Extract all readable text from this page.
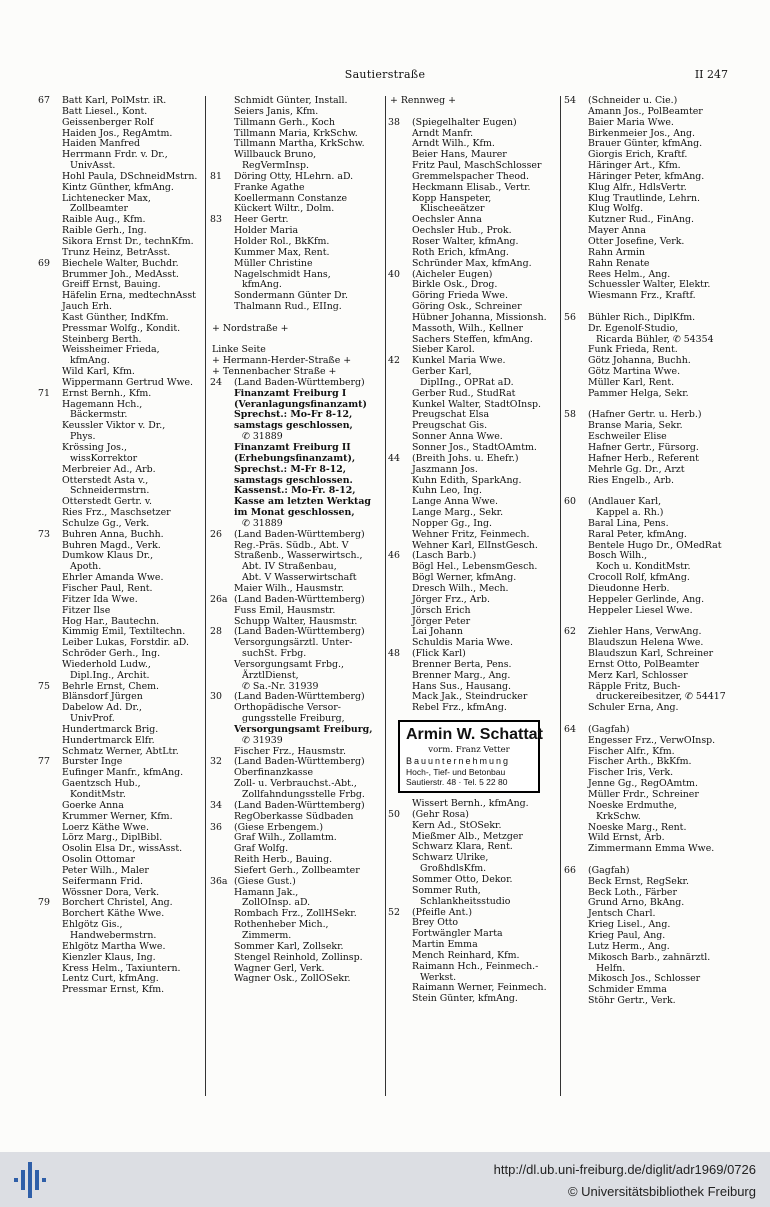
Sautierstraße	II 247
67	Batt Karl, PolMstr. iR.
Batt Liesel., Kont.
Geissenberger Rolf
Haiden Jos., RegAmtm.
Haiden Manfred
Herrmann Frdr. v. Dr.,
UnivAsst.
Hohl Paula, DSchneidMstrn.
Kintz Günther, kfmAng.
Lichtenecker Max,
Zollbeamter
Raible Aug., Kfm.
Raible Gerh., Ing.
Sikora Ernst Dr., technKfm.
Trunz Heinz, BetrAsst.
69	Biechele Walter, Buchdr.
Brummer Joh., MedAsst.
Greiff Ernst, Bauing.
Häfelin Erna, medtechnAsst
Jauch Erh.
Kast Günther, IndKfm.
Pressmar Wolfg., Kondit.
Steinberg Berth.
Weissheimer Frieda,
kfmAng.
Wild Karl, Kfm.
Wippermann Gertrud Wwe.
71	Ernst Bernh., Kfm.
Hagemann Hch.,
Bäckermstr.
Keussler Viktor v. Dr.,
Phys.
Krössing Jos.,
wissKorrektor
Merbreier Ad., Arb.
Otterstedt Asta v.,
Schneidermstrn.
Otterstedt Gertr. v.
Ries Frz., Maschsetzer
Schulze Gg., Verk.
73	Buhren Anna, Buchh.
Buhren Magd., Verk.
Dumkow Klaus Dr.,
Apoth.
Ehrler Amanda Wwe.
Fischer Paul, Rent.
Fitzer Ida Wwe.
Fitzer Ilse
Hog Har., Bautechn.
Kimmig Emil, Textiltechn.
Leiber Lukas, Forstdir. aD.
Schröder Gerh., Ing.
Wiederhold Ludw.,
Dipl.Ing., Archit.
75	Behrle Ernst, Chem.
Blänsdorf Jürgen
Dabelow Ad. Dr.,
UnivProf.
Hundertmarck Brig.
Hundertmarck Elfr.
Schmatz Werner, AbtLtr.
77	Burster Inge
Eufinger Manfr., kfmAng.
Gaentzsch Hub.,
KonditMstr.
Goerke Anna
Krummer Werner, Kfm.
Loerz Käthe Wwe.
Lörz Marg., DiplBibl.
Osolin Elsa Dr., wissAsst.
Osolin Ottomar
Peter Wilh., Maler
Seifermann Frid.
Wössner Dora, Verk.
79	Borchert Christel, Ang.
Borchert Käthe Wwe.
Ehlgötz Gis.,
Handwebermstrn.
Ehlgötz Martha Wwe.
Kienzler Klaus, Ing.
Kress Helm., Taxiuntern.
Lentz Curt, kfmAng.
Pressmar Ernst, Kfm.
Schmidt Günter, Install.
Seiers Janis, Kfm.
Tillmann Gerh., Koch
Tillmann Maria, KrkSchw.
Tillmann Martha, KrkSchw.
Willbauck Bruno,
RegVermInsp.
81	Döring Otty, HLehrn. aD.
Franke Agathe
Koellermann Constanze
Kückert Wiltr., Dolm.
83	Heer Gertr.
Holder Maria
Holder Rol., BkKfm.
Kummer Max, Rent.
Müller Christine
Nagelschmidt Hans,
kfmAng.
Sondermann Günter Dr.
Thalmann Rud., EIIng.
+ Nordstraße +
Linke Seite
+ Hermann-Herder-Straße +
+ Tennenbacher Straße +
24	(Land Baden-Württemberg)
Finanzamt Freiburg I
(Veranlagungsfinanzamt)
Sprechst.: Mo-Fr 8-12,
samstags geschlossen,
✆ 31889
Finanzamt Freiburg II
(Erhebungsfinanzamt),
Sprechst.: M-Fr 8-12,
samstags geschlossen.
Kassenst.: Mo-Fr. 8-12,
Kasse am letzten Werktag
im Monat geschlossen,
✆ 31889
26	(Land Baden-Württemberg)
Reg.-Präs. Südb., Abt. V
Straßenb., Wasserwirtsch.,
Abt. IV Straßenbau,
Abt. V Wasserwirtschaft
Maier Wilh., Hausmstr.
26a (Land Baden-Württemberg)
Fuss Emil, Hausmstr.
Schupp Walter, Hausmstr.
28	(Land Baden-Württemberg)
Versorgungsärztl. Unter-
suchSt. Frbg.
Versorgungsamt Frbg.,
ÄrztlDienst,
✆ Sa.-Nr. 31939
30	(Land Baden-Württemberg)
Orthopädische Versor-
gungsstelle Freiburg,
Versorgungsamt Freiburg,
✆ 31939
Fischer Frz., Hausmstr.
32	(Land Baden-Württemberg)
Oberfinanzkasse
Zoll- u. Verbrauchst.-Abt.,
Zollfahndungsstelle Frbg.
34	(Land Baden-Württemberg)
RegOberkasse Südbaden
36	(Giese Erbengem.)
Graf Wilh., Zollamtm.
Graf Wolfg.
Reith Herb., Bauing.
Siefert Gerh., Zollbeamter
36a (Giese Gust.)
Hamann Jak.,
ZollOInsp. aD.
Rombach Frz., ZollHSekr.
Rothenheber Mich.,
Zimmerm.
Sommer Karl, Zollsekr.
Stengel Reinhold, Zollinsp.
Wagner Gerl, Verk.
Wagner Osk., ZollOSekr.
+ Rennweg +
38	(Spiegelhalter Eugen)
Arndt Manfr.
Arndt Wilh., Kfm.
Beier Hans, Maurer
Fritz Paul, MaschSchlosser
Gremmelspacher Theod.
Heckmann Elisab., Vertr.
Kopp Hanspeter,
Klischeeätzer
Oechsler Anna
Oechsler Hub., Prok.
Roser Walter, kfmAng.
Roth Erich, kfmAng.
Schründer Max, kfmAng.
40	(Aicheler Eugen)
Birkle Osk., Drog.
Göring Frieda Wwe.
Göring Osk., Schreiner
Hübner Johanna, Missionsh.
Massoth, Wilh., Kellner
Sachers Steffen, kfmAng.
Sieber Karol.
42	Kunkel Maria Wwe.
Gerber Karl,
DiplIng., OPRat aD.
Gerber Rud., StudRat
Kunkel Walter, StadtOInsp.
Preugschat Elsa
Preugschat Gis.
Sonner Anna Wwe.
Sonner Jos., StadtOAmtm.
44	(Breith Johs. u. Ehefr.)
Jaszmann Jos.
Kuhn Edith, SparkAng.
Kuhn Leo, Ing.
Lange Anna Wwe.
Lange Marg., Sekr.
Nopper Gg., Ing.
Wehner Fritz, Feinmech.
Wehner Karl, ElInstGesch.
46	(Lasch Barb.)
Bögl Hel., LebensmGesch.
Bögl Werner, kfmAng.
Dresch Wilh., Mech.
Jörger Frz., Arb.
Jörsch Erich
Jörger Peter
Lai Johann
Schuldis Maria Wwe.
48	(Flick Karl)
Brenner Berta, Pens.
Brenner Marg., Ang.
Hans Sus., Hausang.
Mack Jak., Steindrucker
Rebel Frz., kfmAng.
Armin W. Schattat
vorm. Franz Vetter
Bauunternehmung
Hoch-, Tief- und Betonbau
Sautierstr. 48 · Tel. 5 22 80
Wissert Bernh., kfmAng.
50	(Gehr Rosa)
Kern Ad., StOSekr.
Mießmer Alb., Metzger
Schwarz Klara, Rent.
Schwarz Ulrike,
GroßhdlsKfm.
Sommer Otto, Dekor.
Sommer Ruth,
Schlankheitsstudio
52	(Pfeifle Ant.)
Brey Otto
Fortwängler Marta
Martin Emma
Mench Reinhard, Kfm.
Raimann Hch., Feinmech.-
Werkst.
Raimann Werner, Feinmech.
Stein Günter, kfmAng.
54	(Schneider u. Cie.)
Amann Jos., PolBeamter
Baier Maria Wwe.
Birkenmeier Jos., Ang.
Brauer Günter, kfmAng.
Giorgis Erich, Kraftf.
Häringer Art., Kfm.
Häringer Peter, kfmAng.
Klug Alfr., HdlsVertr.
Klug Trautlinde, Lehrn.
Klug Wolfg.
Kutzner Rud., FinAng.
Mayer Anna
Otter Josefine, Verk.
Rahn Armin
Rahn Renate
Rees Helm., Ang.
Schuessler Walter, Elektr.
Wiesmann Frz., Kraftf.
56	Bühler Rich., DiplKfm.
Dr. Egenolf-Studio,
Ricarda Bühler, ✆ 54354
Funk Frieda, Rent.
Götz Johanna, Buchh.
Götz Martina Wwe.
Müller Karl, Rent.
Pammer Helga, Sekr.
58	(Hafner Gertr. u. Herb.)
Branse Maria, Sekr.
Eschweiler Elise
Hafner Gertr., Fürsorg.
Hafner Herb., Referent
Mehrle Gg. Dr., Arzt
Ries Engelb., Arb.
60	(Andlauer Karl,
Kappel a. Rh.)
Baral Lina, Pens.
Raral Peter, kfmAng.
Bentele Hugo Dr., OMedRat
Bosch Wilh.,
Koch u. KonditMstr.
Crocoll Rolf, kfmAng.
Dieudonne Herb.
Heppeler Gerlinde, Ang.
Heppeler Liesel Wwe.
62	Ziehler Hans, VerwAng.
Blaudszun Helena Wwe.
Blaudszun Karl, Schreiner
Ernst Otto, PolBeamter
Merz Karl, Schlosser
Räpple Fritz, Buch-
druckereibesitzer, ✆ 54417
Schuler Erna, Ang.
64	(Gagfah)
Engesser Frz., VerwOInsp.
Fischer Alfr., Kfm.
Fischer Arth., BkKfm.
Fischer Iris, Verk.
Jenne Gg., RegOAmtm.
Müller Frdr., Schreiner
Noeske Erdmuthe,
KrkSchw.
Noeske Marg., Rent.
Wild Ernst, Arb.
Zimmermann Emma Wwe.
66	(Gagfah)
Beck Ernst, RegSekr.
Beck Loth., Färber
Grund Arno, BkAng.
Jentsch Charl.
Krieg Lisel., Ang.
Krieg Paul, Ang.
Lutz Herm., Ang.
Mikosch Barb., zahnärztl.
Helfn.
Mikosch Jos., Schlosser
Schmider Emma
Stöhr Gertr., Verk.
http://dl.ub.uni-freiburg.de/diglit/adr1969/0726
© Universitätsbibliothek Freiburg
